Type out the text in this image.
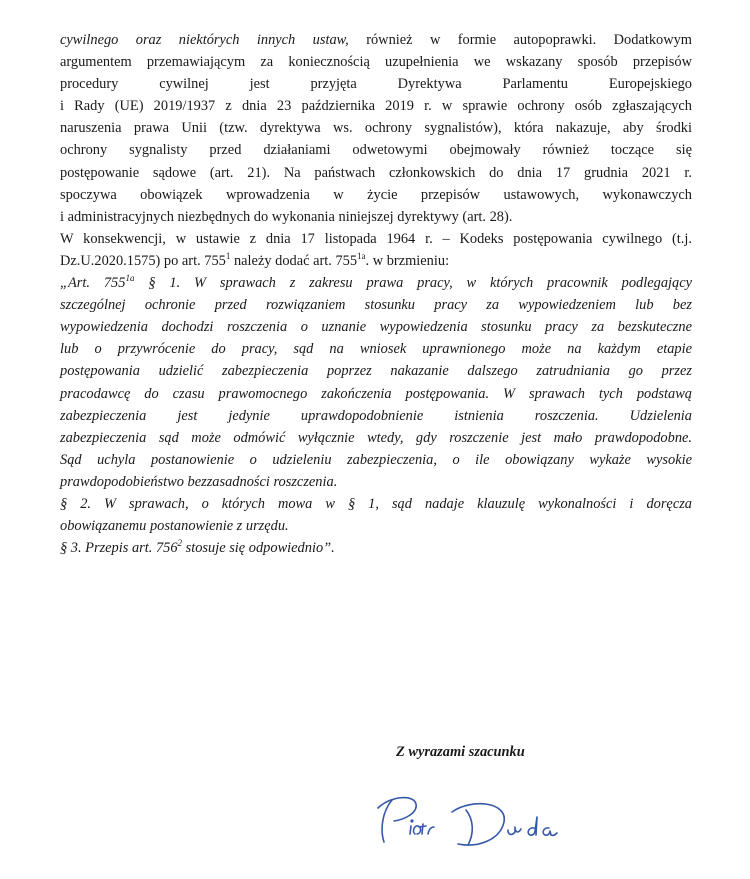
cywilnego oraz niektórych innych ustaw, również w formie autopoprawki. Dodatkowym
argumentem przemawiającym za koniecznością uzupełnienia we wskazany sposób przepisów
procedury cywilnej jest przyjęta Dyrektywa Parlamentu Europejskiego
i Rady (UE) 2019/1937 z dnia 23 października 2019 r. w sprawie ochrony osób zgłaszających
naruszenia prawa Unii (tzw. dyrektywa ws. ochrony sygnalistów), która nakazuje, aby środki
ochrony sygnalisty przed działaniami odwetowymi obejmowały również toczące się
postępowanie sądowe (art. 21). Na państwach członkowskich do dnia 17 grudnia 2021 r.
spoczywa obowiązek wprowadzenia w życie przepisów ustawowych, wykonawczych
i administracyjnych niezbędnych do wykonania niniejszej dyrektywy (art. 28).
W konsekwencji, w ustawie z dnia 17 listopada 1964 r. – Kodeks postępowania cywilnego (t.j.
Dz.U.2020.1575) po art. $755^1$ należy dodać art. $755^{1a}$. w brzmieniu:
„Art. $755^{1a}$ § 1. W sprawach z zakresu prawa pracy, w których pracownik podlegający
szczególnej ochronie przed rozwiązaniem stosunku pracy za wypowiedzeniem lub bez
wypowiedzenia dochodzi roszczenia o uznanie wypowiedzenia stosunku pracy za bezskuteczne
lub o przywrócenie do pracy, sąd na wniosek uprawnionego może na każdym etapie
postępowania udzielić zabezpieczenia poprzez nakazanie dalszego zatrudniania go przez
pracodawcę do czasu prawomocnego zakończenia postępowania. W sprawach tych podstawą
zabezpieczenia jest jedynie uprawdopodobnienie istnienia roszczenia. Udzielenia
zabezpieczenia sąd może odmówić wyłącznie wtedy, gdy roszczenie jest mało prawdopodobne.
Sąd uchyla postanowienie o udzieleniu zabezpieczenia, o ile obowiązany wykaże wysokie
prawdopodobieństwo bezzasadności roszczenia.
§ 2. W sprawach, o których mowa w § 1, sąd nadaje klauzulę wykonalności i doręcza
obowiązanemu postanowienie z urzędu.
§ 3. Przepis art. $756^2$ stosuje się odpowiednio”.
Z wyrazami szacunku
